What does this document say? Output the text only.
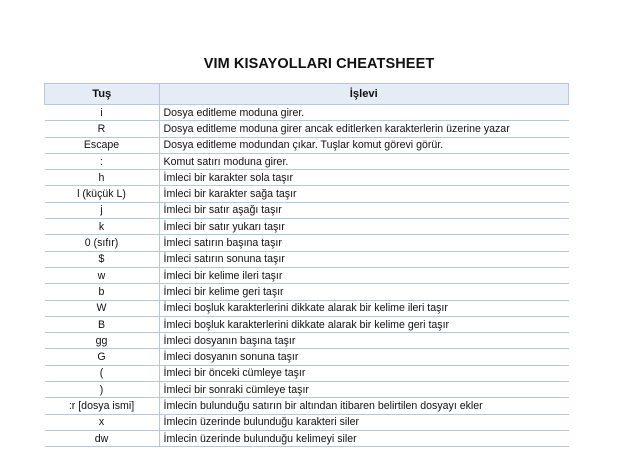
VIM KISAYOLLARI CHEATSHEET
Tuş	İşlevi
i	Dosya editleme moduna girer.
R	Dosya editleme moduna girer ancak editlerken karakterlerin üzerine yazar
Escape	Dosya editleme modundan çıkar. Tuşlar komut görevi görür.
:	Komut satırı moduna girer.
h	İmleci bir karakter sola taşır
l (küçük L)	İmleci bir karakter sağa taşır
j	İmleci bir satır aşağı taşır
k	İmleci bir satır yukarı taşır
0 (sıfır)	İmleci satırın başına taşır
$	İmleci satırın sonuna taşır
w	İmleci bir kelime ileri taşır
b	İmleci bir kelime geri taşır
W	İmleci boşluk karakterlerini dikkate alarak bir kelime ileri taşır
B	İmleci boşluk karakterlerini dikkate alarak bir kelime geri taşır
gg	İmleci dosyanın başına taşır
G	İmleci dosyanın sonuna taşır
(	İmleci bir önceki cümleye taşır
)	İmleci bir sonraki cümleye taşır
:r [dosya ismi]	İmlecin bulunduğu satırın bir altından itibaren belirtilen dosyayı ekler
x	İmlecin üzerinde bulunduğu karakteri siler
dw	İmlecin üzerinde bulunduğu kelimeyi siler
